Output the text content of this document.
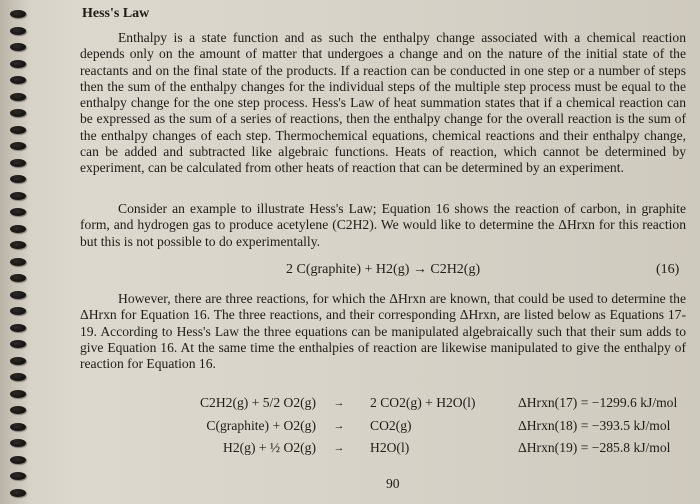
Hess's Law
Enthalpy is a state function and as such the enthalpy change associated with a chemical reaction depends only on the amount of matter that undergoes a change and on the nature of the initial state of the reactants and on the final state of the products. If a reaction can be conducted in one step or a number of steps then the sum of the enthalpy changes for the individual steps of the multiple step process must be equal to the enthalpy change for the one step process. Hess's Law of heat summation states that if a chemical reaction can be expressed as the sum of a series of reactions, then the enthalpy change for the overall reaction is the sum of the enthalpy changes of each step. Thermochemical equations, chemical reactions and their enthalpy change, can be added and subtracted like algebraic functions. Heats of reaction, which cannot be determined by experiment, can be calculated from other heats of reaction that can be determined by an experiment.
Consider an example to illustrate Hess's Law; Equation 16 shows the reaction of carbon, in graphite form, and hydrogen gas to produce acetylene (C2H2). We would like to determine the ΔHrxn for this reaction but this is not possible to do experimentally.
2 C(graphite) + H2(g) → C2H2(g)	(16)
However, there are three reactions, for which the ΔHrxn are known, that could be used to determine the ΔHrxn for Equation 16. The three reactions, and their corresponding ΔHrxn, are listed below as Equations 17-19. According to Hess's Law the three equations can be manipulated algebraically such that their sum adds to give Equation 16. At the same time the enthalpies of reaction are likewise manipulated to give the enthalpy of reaction for Equation 16.
C2H2(g) + 5/2 O2(g)	→ 2 CO2(g) + H2O(l)	ΔHrxn(17) = −1299.6 kJ/mol
C(graphite) + O2(g)	→ CO2(g)	ΔHrxn(18) = −393.5 kJ/mol
H2(g) + ½ O2(g)	→ H2O(l)	ΔHrxn(19) = −285.8 kJ/mol
90
